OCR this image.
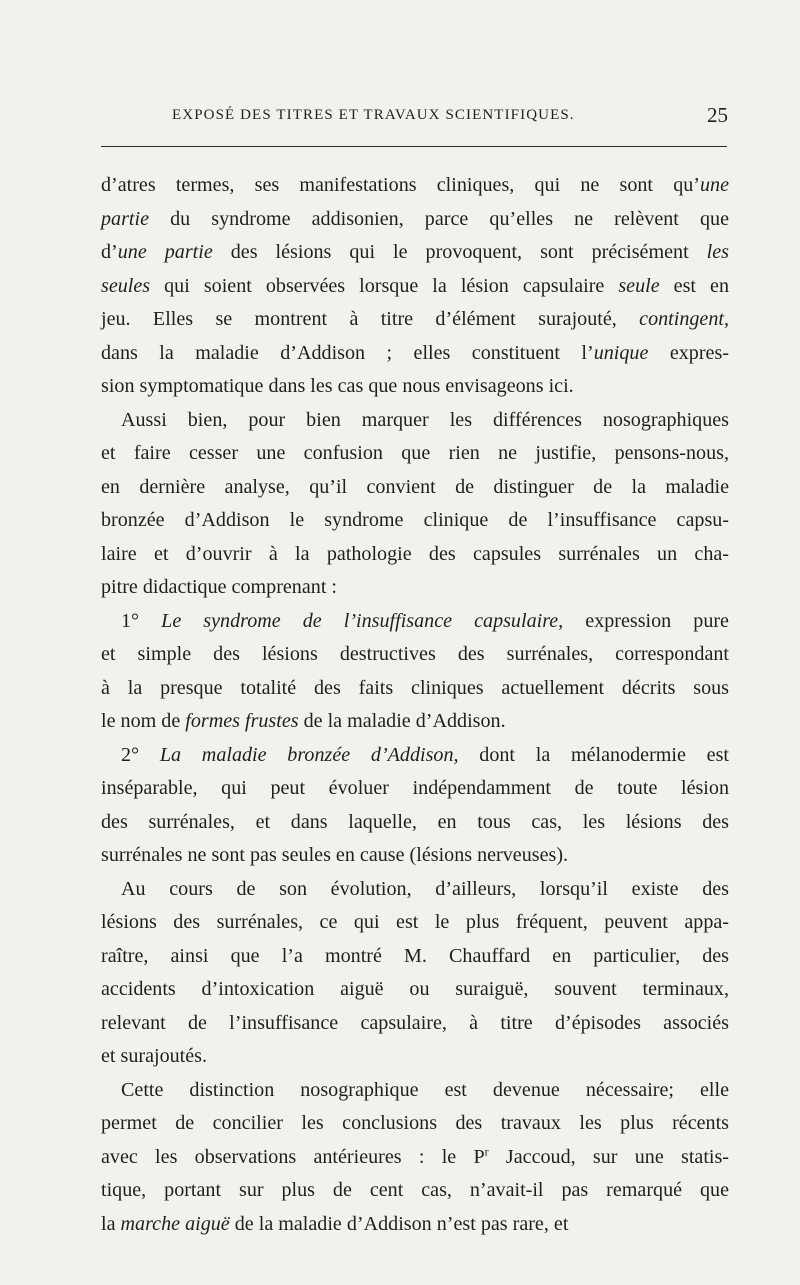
EXPOSÉ DES TITRES ET TRAVAUX SCIENTIFIQUES.	25
d’atres termes, ses manifestations cliniques, qui ne sont qu’une
partie du syndrome addisonien, parce qu’elles ne relèvent que
d’une partie des lésions qui le provoquent, sont précisément les
seules qui soient observées lorsque la lésion capsulaire seule est en
jeu. Elles se montrent à titre d’élément surajouté, contingent,
dans la maladie d’Addison ; elles constituent l’unique expres-
sion symptomatique dans les cas que nous envisageons ici.
Aussi bien, pour bien marquer les différences nosographiques
et faire cesser une confusion que rien ne justifie, pensons-nous,
en dernière analyse, qu’il convient de distinguer de la maladie
bronzée d’Addison le syndrome clinique de l’insuffisance capsu-
laire et d’ouvrir à la pathologie des capsules surrénales un cha-
pitre didactique comprenant :
1° Le syndrome de l’insuffisance capsulaire, expression pure
et simple des lésions destructives des surrénales, correspondant
à la presque totalité des faits cliniques actuellement décrits sous
le nom de formes frustes de la maladie d’Addison.
2° La maladie bronzée d’Addison, dont la mélanodermie est
inséparable, qui peut évoluer indépendamment de toute lésion
des surrénales, et dans laquelle, en tous cas, les lésions des
surrénales ne sont pas seules en cause (lésions nerveuses).
Au cours de son évolution, d’ailleurs, lorsqu’il existe des
lésions des surrénales, ce qui est le plus fréquent, peuvent appa-
raître, ainsi que l’a montré M. Chauffard en particulier, des
accidents d’intoxication aiguë ou suraiguë, souvent terminaux,
relevant de l’insuffisance capsulaire, à titre d’épisodes associés
et surajoutés.
Cette distinction nosographique est devenue nécessaire; elle
permet de concilier les conclusions des travaux les plus récents
avec les observations antérieures : le $P^r$ Jaccoud, sur une statis-
tique, portant sur plus de cent cas, n’avait-il pas remarqué que
la marche aiguë de la maladie d’Addison n’est pas rare, et
